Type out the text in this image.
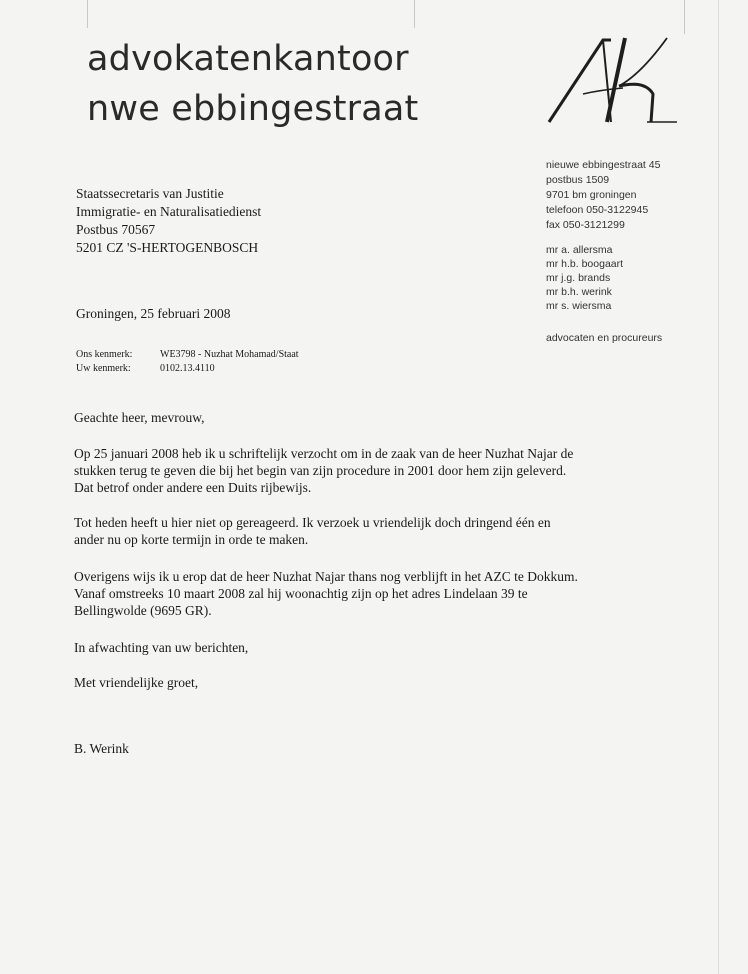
advokatenkantoor
nwe ebbingestraat
nieuwe ebbingestraat 45
postbus 1509
9701 bm groningen
telefoon 050-3122945
fax 050-3121299
mr a. allersma
mr h.b. boogaart
mr j.g. brands
mr b.h. werink
mr s. wiersma
advocaten en procureurs
Staatssecretaris van Justitie
Immigratie- en Naturalisatiedienst
Postbus 70567
5201 CZ 'S-HERTOGENBOSCH
Groningen, 25 februari 2008
Ons kenmerk:	WE3798 - Nuzhat Mohamad/Staat
Uw kenmerk:	0102.13.4110

Geachte heer, mevrouw,

Op 25 januari 2008 heb ik u schriftelijk verzocht om in de zaak van de heer Nuzhat Najar de

stukken terug te geven die bij het begin van zijn procedure in 2001 door hem zijn geleverd.

Dat betrof onder andere een Duits rijbewijs.

Tot heden heeft u hier niet op gereageerd. Ik verzoek u vriendelijk doch dringend één en

ander nu op korte termijn in orde te maken.

Overigens wijs ik u erop dat de heer Nuzhat Najar thans nog verblijft in het AZC te Dokkum.

Vanaf omstreeks 10 maart 2008 zal hij woonachtig zijn op het adres Lindelaan 39 te

Bellingwolde (9695 GR).

In afwachting van uw berichten,

Met vriendelijke groet,

B. Werink
